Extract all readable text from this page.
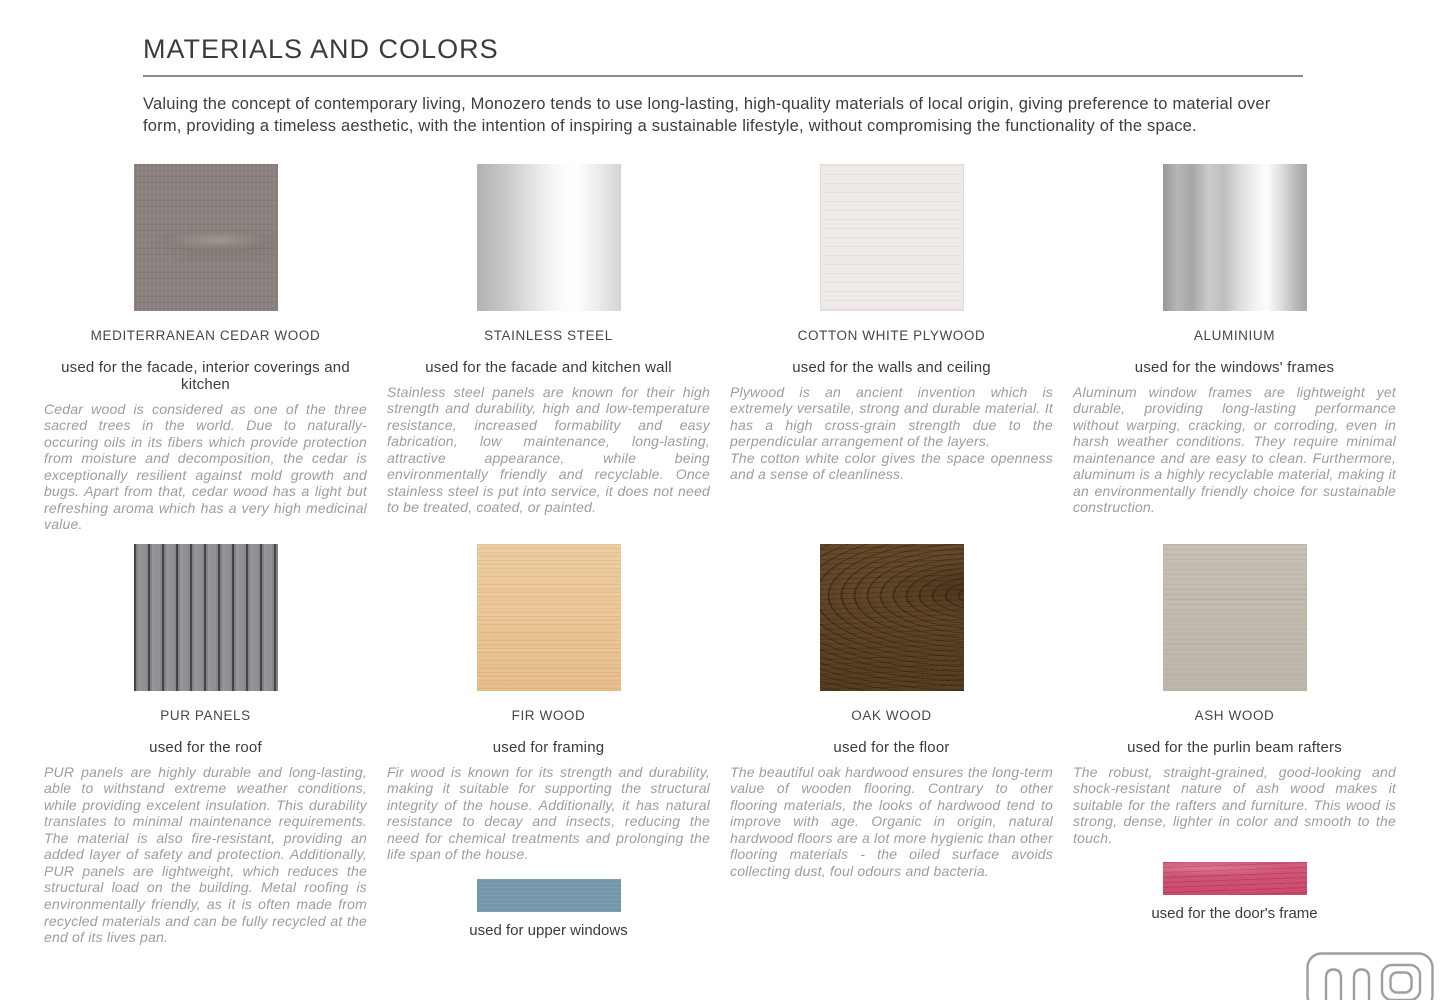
MATERIALS AND COLORS

Valuing the concept of contemporary living, Monozero tends to use long-lasting, high-quality materials of local origin, giving preference to material over form, providing a timeless aesthetic, with the intention of inspiring a sustainable lifestyle, without compromising the functionality of the space.

MEDITERRANEAN CEDAR WOOD
used for the facade, interior coverings and kitchen

Cedar wood is considered as one of the three sacred trees in the world. Due to naturally-occuring oils in its fibers which provide protection from moisture and decomposition, the cedar is exceptionally resilient against mold growth and bugs. Apart from that, cedar wood has a light but refreshing aroma which has a very high medicinal value.

STAINLESS STEEL
used for the facade and kitchen wall

Stainless steel panels are known for their high strength and durability, high and low-temperature resistance, increased formability and easy fabrication, low maintenance, long-lasting, attractive appearance, while being environmentally friendly and recyclable. Once stainless steel is put into service, it does not need to be treated, coated, or painted.

COTTON WHITE PLYWOOD
used for the walls and ceiling

Plywood is an ancient invention which is extremely versatile, strong and durable material. It has a high cross-grain strength due to the perpendicular arrangement of the layers.

The cotton white color gives the space openness and a sense of cleanliness.

ALUMINIUM
used for the windows' frames

Aluminum window frames are lightweight yet durable, providing long-lasting performance without warping, cracking, or corroding, even in harsh weather conditions. They require minimal maintenance and are easy to clean. Furthermore, aluminum is a highly recyclable material, making it an environmentally friendly choice for sustainable construction.

PUR PANELS
used for the roof

PUR panels are highly durable and long-lasting, able to withstand extreme weather conditions, while providing excelent insulation. This durability translates to minimal maintenance requirements. The material is also fire-resistant, providing an added layer of safety and protection. Additionally, PUR panels are lightweight, which reduces the structural load on the building. Metal roofing is environmentally friendly, as it is often made from recycled materials and can be fully recycled at the end of its lives pan.

FIR WOOD
used for framing

Fir wood is known for its strength and durability, making it suitable for supporting the structural integrity of the house. Additionally, it has natural resistance to decay and insects, reducing the need for chemical treatments and prolonging the life span of the house.

used for upper windows
OAK WOOD
used for the floor

The beautiful oak hardwood ensures the long-term value of wooden flooring. Contrary to other flooring materials, the looks of hardwood tend to improve with age. Organic in origin, natural hardwood floors are a lot more hygienic than other flooring materials - the oiled surface avoids collecting dust, foul odours and bacteria.

ASH WOOD
used for the purlin beam rafters

The robust, straight-grained, good-looking and shock-resistant nature of ash wood makes it suitable for the rafters and furniture. This wood is strong, dense, lighter in color and smooth to the touch.

used for the door's frame
